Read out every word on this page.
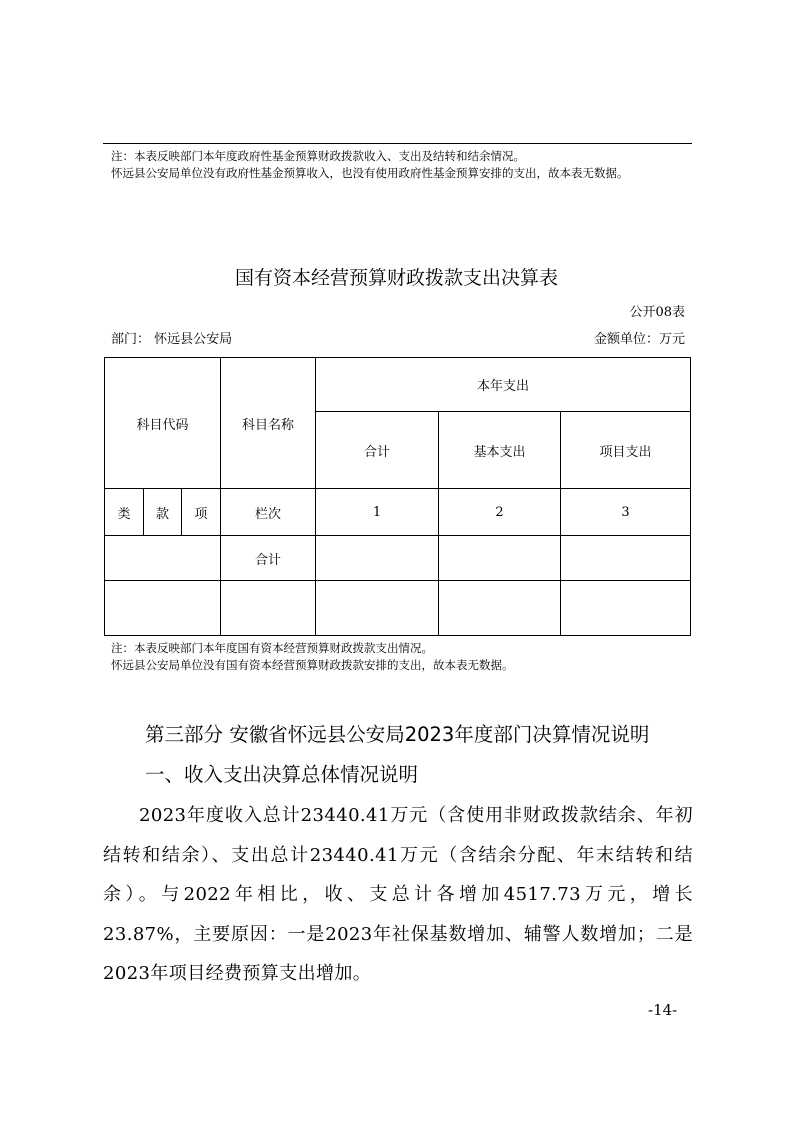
注：本表反映部门本年度政府性基金预算财政拨款收入、支出及结转和结余情况。
怀远县公安局单位没有政府性基金预算收入，也没有使用政府性基金预算安排的支出，故本表无数据。
国有资本经营预算财政拨款支出决算表
公开08表
部门： 怀远县公安局	金额单位：万元
科目代码			科目名称	本年支出		
				合计	基本支出	项目支出
类	款	项	栏次	1	2	3
			合计			

注：本表反映部门本年度国有资本经营预算财政拨款支出情况。
怀远县公安局单位没有国有资本经营预算财政拨款安排的支出，故本表无数据。
第三部分 安徽省怀远县公安局2023年度部门决算情况说明
一、收入支出决算总体情况说明
2023年度收入总计23440.41万元（含使用非财政拨款结余、年初结转和结余）、支出总计23440.41万元（含结余分配、年末结转和结余）。与2022年相比，收、支总计各增加4517.73万元，增长23.87%，主要原因：一是2023年社保基数增加、辅警人数增加；二是2023年项目经费预算支出增加。
-14-
